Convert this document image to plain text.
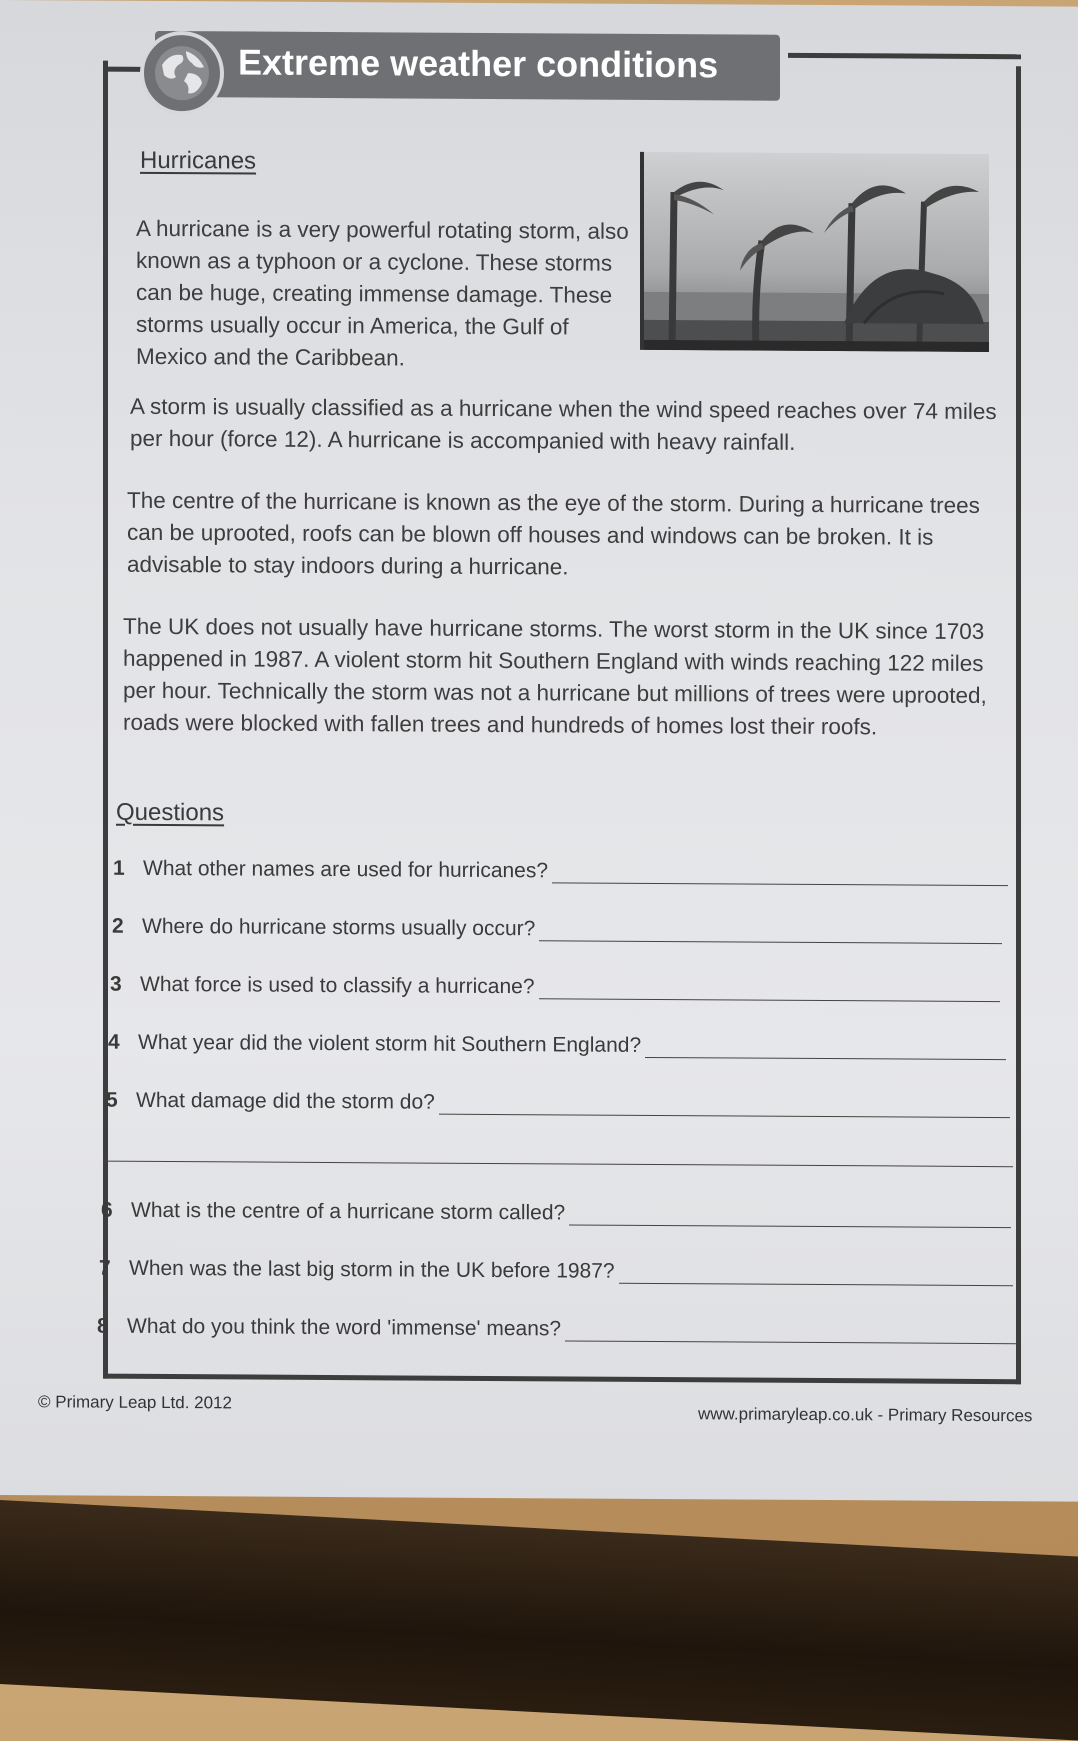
Extreme weather conditions
Hurricanes
A hurricane is a very powerful rotating storm, also known as a typhoon or a cyclone. These storms can be huge, creating immense damage. These storms usually occur in America, the Gulf of Mexico and the Caribbean.
A storm is usually classified as a hurricane when the wind speed reaches over 74 miles per hour (force 12). A hurricane is accompanied with heavy rainfall.
The centre of the hurricane is known as the eye of the storm. During a hurricane trees can be uprooted, roofs can be blown off houses and windows can be broken. It is advisable to stay indoors during a hurricane.
The UK does not usually have hurricane storms. The worst storm in the UK since 1703 happened in 1987. A violent storm hit Southern England with winds reaching 122 miles per hour. Technically the storm was not a hurricane but millions of trees were uprooted, roads were blocked with fallen trees and hundreds of homes lost their roofs.
Questions
1 What other names are used for hurricanes?
2 Where do hurricane storms usually occur?
3 What force is used to classify a hurricane?
4 What year did the violent storm hit Southern England?
5 What damage did the storm do?
6 What is the centre of a hurricane storm called?
7 When was the last big storm in the UK before 1987?
8 What do you think the word 'immense' means?
© Primary Leap Ltd. 2012
www.primaryleap.co.uk - Primary Resources
